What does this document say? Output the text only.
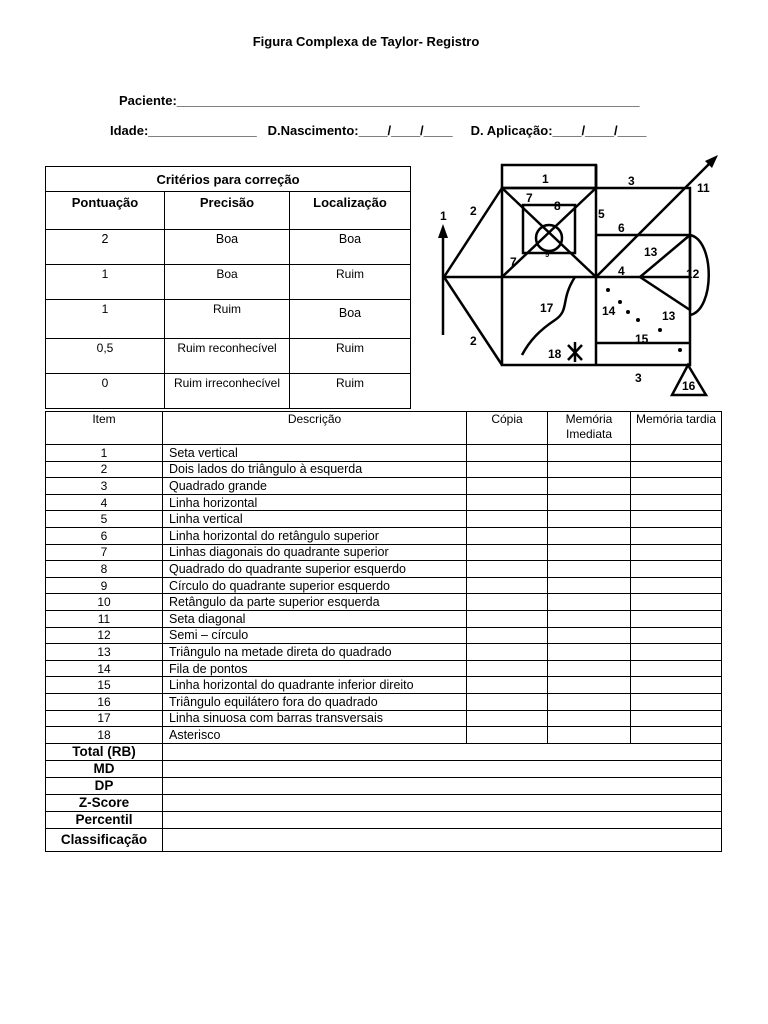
Figura Complexa de Taylor- Registro
Paciente:________________________________________________________________
Idade:_______________ D.Nascimento:____/____/____ D. Aplicação:____/____/____
Critérios para correção		
Pontuação	Precisão	Localização
2	Boa	Boa
1	Boa	Ruim
1	Ruim	Boa
0,5	Ruim reconhecível	Ruim
0	Ruim irreconhecível	Ruim
1 2
2
3
3
4
5
6
7
7
8
9
1
11
12
13
13
14
15
16
17
18
Item	Descrição	Cópia	Memória Imediata	Memória tardia
1	Seta vertical			
2	Dois lados do triângulo à esquerda			
3	Quadrado grande			
4	Linha horizontal			
5	Linha vertical			
6	Linha horizontal do retângulo superior			
7	Linhas diagonais do quadrante superior			
8	Quadrado do quadrante superior esquerdo			
9	Círculo do quadrante superior esquerdo			
10	Retângulo da parte superior esquerda			
11	Seta diagonal			
12	Semi – círculo			
13	Triângulo na metade direta do quadrado			
14	Fila de pontos			
15	Linha horizontal do quadrante inferior direito			
16	Triângulo equilátero fora do quadrado			
17	Linha sinuosa com barras transversais			
18	Asterisco			
Total (RB)				
MD				
DP				
Z-Score				
Percentil				
Classificação				
